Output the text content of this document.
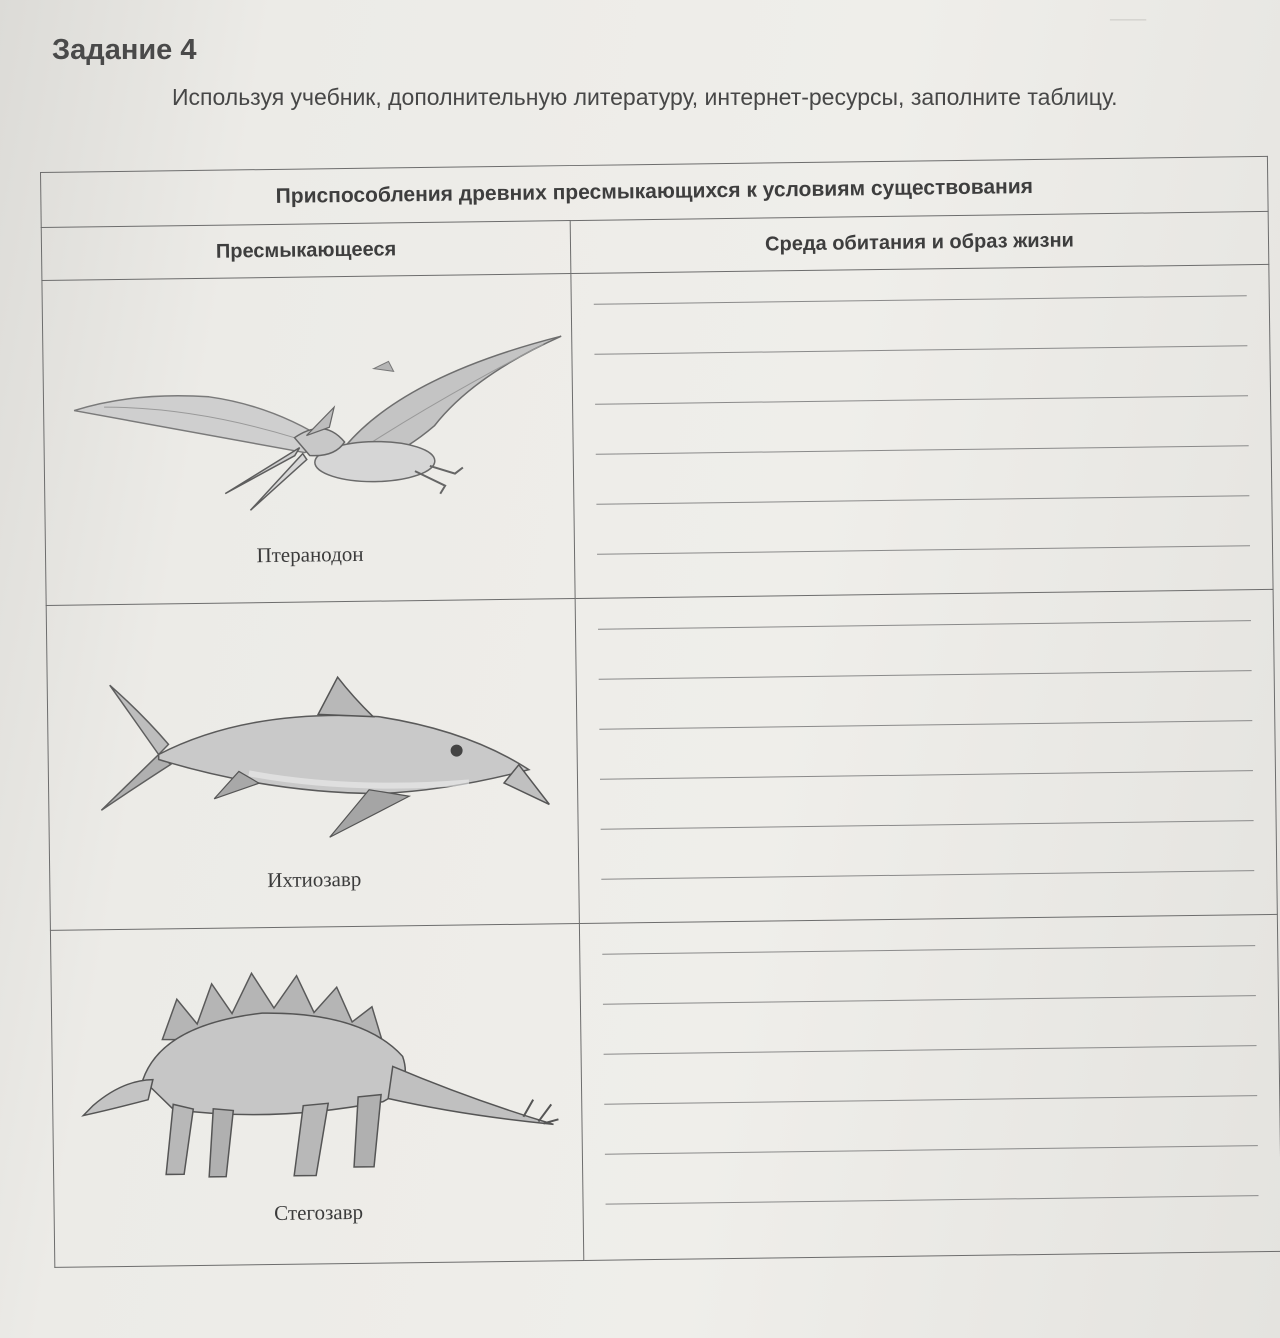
───
Задание 4
Используя учебник, дополнительную литературу, интернет-ресурсы, заполните таблицу.
Приспособления древних пресмыкающихся к условиям существования	
Пресмыкающееся	Среда обитания и образ жизни

Птеранодон	

Ихтиозавр	

Стегозавр	
